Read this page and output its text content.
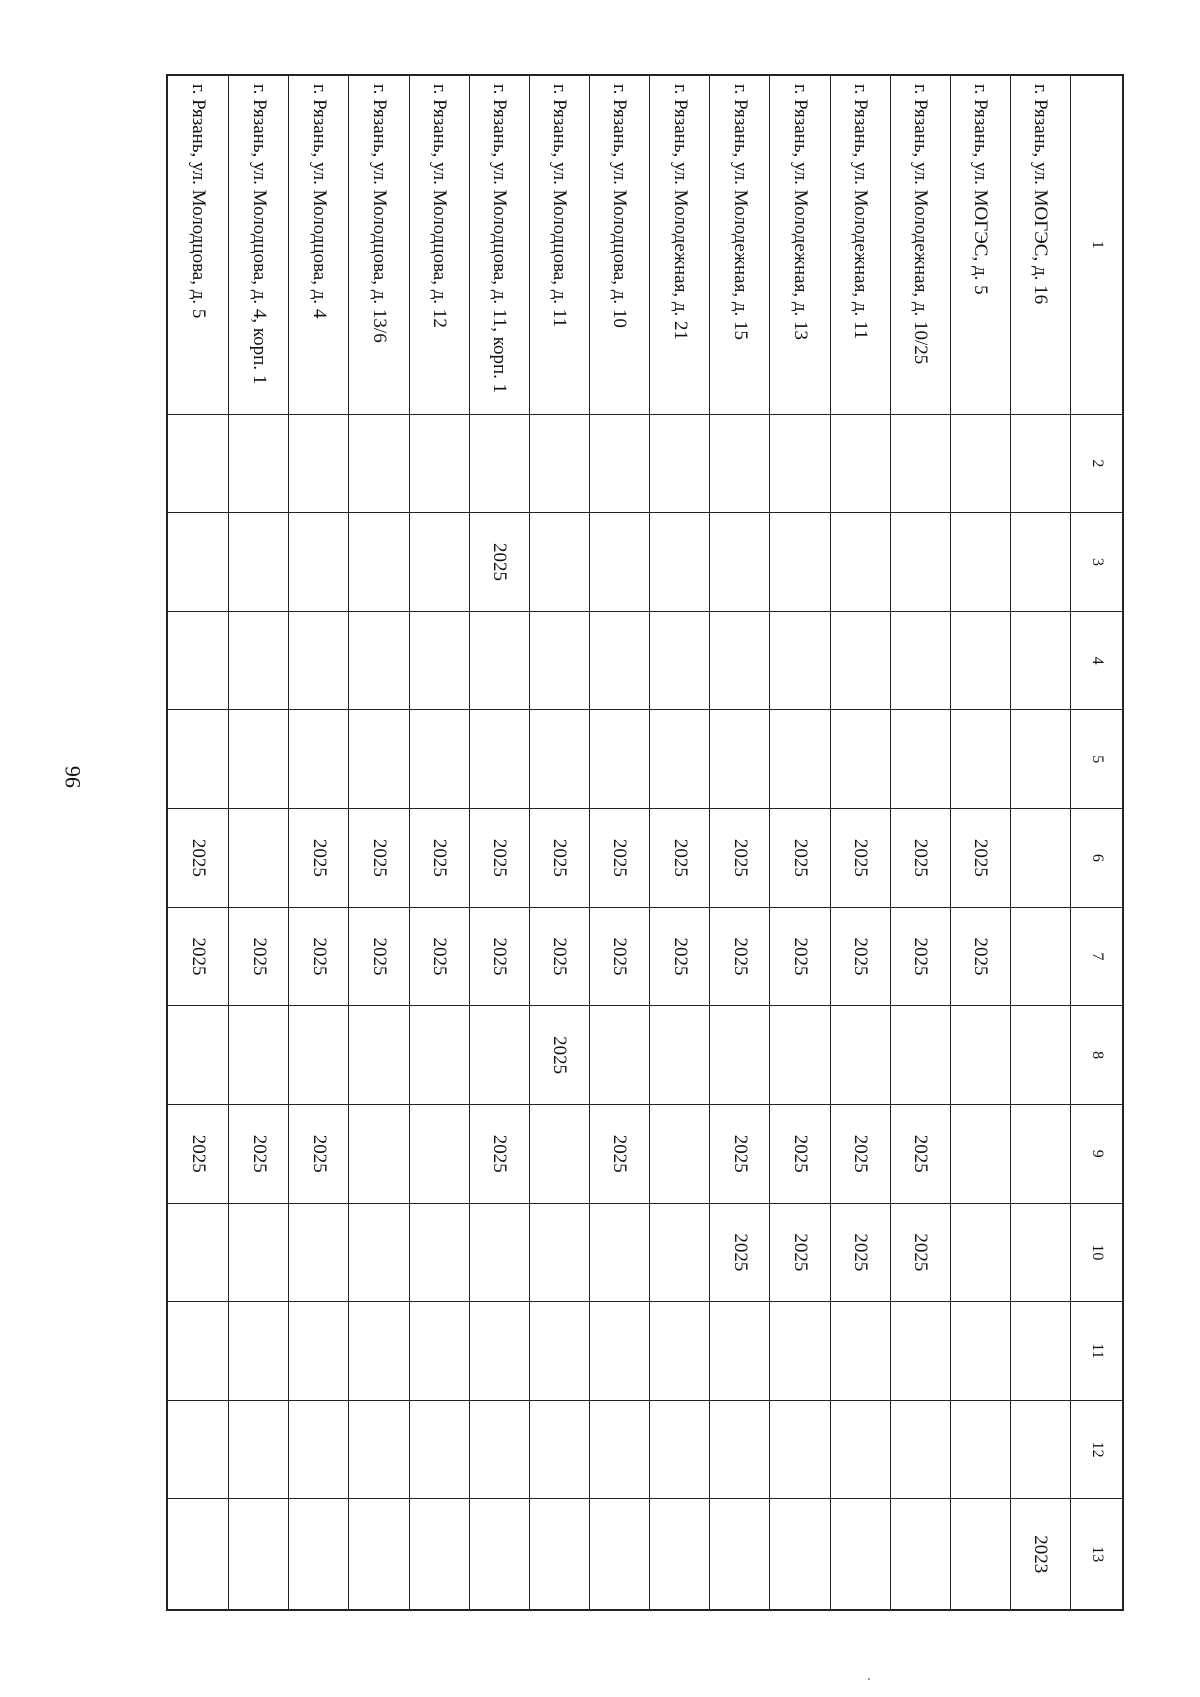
96
1	2	3	4	5	6	7	8	9	10	11	12	13
г. Рязань, ул. МОГЭС, д. 16												2023
г. Рязань, ул. МОГЭС, д. 5					2025	2025						
г. Рязань, ул. Молодежная, д. 10/25					2025	2025		2025	2025			
г. Рязань, ул. Молодежная, д. 11					2025	2025		2025	2025			
г. Рязань, ул. Молодежная, д. 13					2025	2025		2025	2025			
г. Рязань, ул. Молодежная, д. 15					2025	2025		2025	2025			
г. Рязань, ул. Молодежная, д. 21					2025	2025						
г. Рязань, ул. Молодцова, д. 10					2025	2025		2025				
г. Рязань, ул. Молодцова, д. 11					2025	2025	2025					
г. Рязань, ул. Молодцова, д. 11, корп. 1		2025			2025	2025		2025				
г. Рязань, ул. Молодцова, д. 12					2025	2025						
г. Рязань, ул. Молодцова, д. 13/6					2025	2025						
г. Рязань, ул. Молодцова, д. 4					2025	2025		2025				
г. Рязань, ул. Молодцова, д. 4, корп. 1						2025		2025				
г. Рязань, ул. Молодцова, д. 5					2025	2025		2025				
